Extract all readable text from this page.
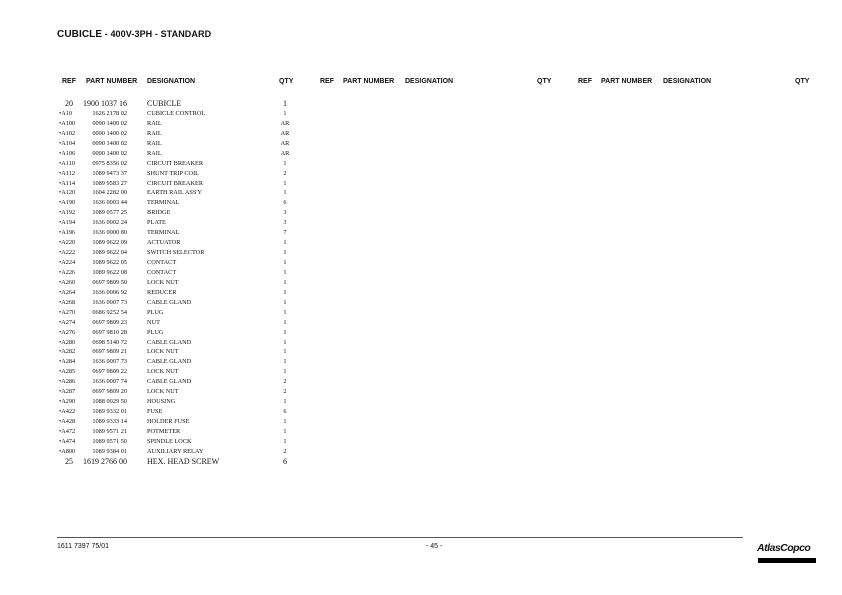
CUBICLE - 400V-3PH - STANDARD
REF PART NUMBER DESIGNATION	QTY	REF PART NUMBER DESIGNATION	QTY	REF PART NUMBER DESIGNATION	QTY
20	1900 1037 16	CUBICLE	1
•A10	1626 2178 02	CUBICLE CONTROL	1
•A100	0090 1400 02	RAIL	AR
•A102	0090 1400 02	RAIL	AR
•A104	0090 1400 02	RAIL	AR
•A106	0090 1400 02	RAIL	AR
•A110	0975 8356 02	CIRCUIT BREAKER	1
•A112	1089 9473 37	SHUNT TRIP COIL	2
•A114	1089 9583 27	CIRCUIT BREAKER	1
•A120	1604 2282 00	EARTH RAIL ASS'Y	1
•A190	1636 0003 44	TERMINAL	6
•A192	1089 0577 25	BRIDGE	3
•A194	1636 0002 24	PLATE	3
•A196	1636 0000 80	TERMINAL	7
•A220	1089 9622 09	ACTUATOR	1
•A222	1089 9622 04	SWITCH SELECTOR	1
•A224	1089 9622 05	CONTACT	1
•A226	1089 9622 08	CONTACT	1
•A260	0697 9809 50	LOCK NUT	1
•A264	1636 0006 92	REDUCER	1
•A268	1636 0007 73	CABLE GLAND	1
•A270	0686 9252 54	PLUG	1
•A274	0697 9809 23	NUT	1
•A276	0697 9810 28	PLUG	1
•A280	0698 5140 72	CABLE GLAND	1
•A282	0697 9809 21	LOCK NUT	1
•A284	1636 0007 73	CABLE GLAND	1
•A285	0697 9809 22	LOCK NUT	1
•A286	1636 0007 74	CABLE GLAND	2
•A287	0697 9809 20	LOCK NUT	2
•A290	1088 0029 50	HOUSING	1
•A422	1089 9332 01	FUSE	6
•A428	1089 9333 14	HOLDER FUSE	1
•A472	1089 9571 21	POTMETER	1
•A474	1089 9571 50	SPINDLE LOCK	1
•A800	1089 9384 01	AUXILIARY RELAY	2
25	1619 2766 00	HEX. HEAD SCREW	6
1611 7397 75/01	- 45 -	AtlasCopco
